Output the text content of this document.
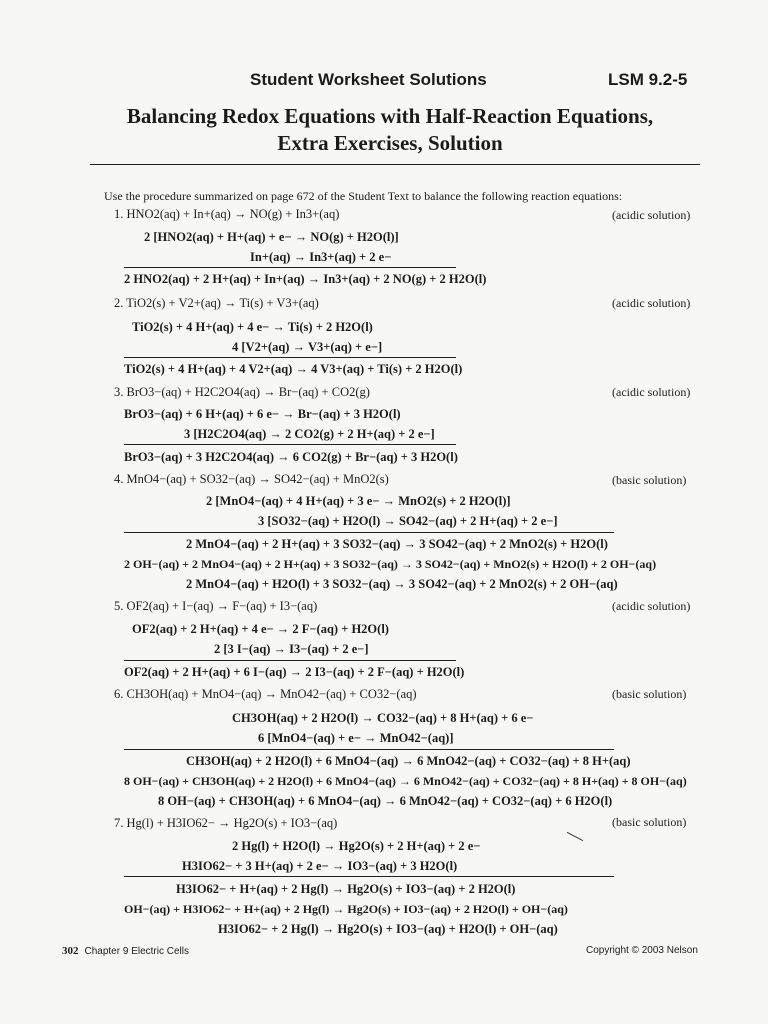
Student Worksheet Solutions	LSM 9.2-5
Balancing Redox Equations with Half-Reaction Equations,
Extra Exercises, Solution
Use the procedure summarized on page 672 of the Student Text to balance the following reaction equations:
1. HNO2(aq) + In+(aq) → NO(g) + In3+(aq)	(acidic solution)
2 [HNO2(aq) + H+(aq) + e− → NO(g) + H2O(l)]
In+(aq) → In3+(aq) + 2 e−
2 HNO2(aq) + 2 H+(aq) + In+(aq) → In3+(aq) + 2 NO(g) + 2 H2O(l)
2. TiO2(s) + V2+(aq) → Ti(s) + V3+(aq)	(acidic solution)
TiO2(s) + 4 H+(aq) + 4 e− → Ti(s) + 2 H2O(l)
4 [V2+(aq) → V3+(aq) + e−]
TiO2(s) + 4 H+(aq) + 4 V2+(aq) → 4 V3+(aq) + Ti(s) + 2 H2O(l)
3. BrO3−(aq) + H2C2O4(aq) → Br−(aq) + CO2(g)	(acidic solution)
BrO3−(aq) + 6 H+(aq) + 6 e− → Br−(aq) + 3 H2O(l)
3 [H2C2O4(aq) → 2 CO2(g) + 2 H+(aq) + 2 e−]
BrO3−(aq) + 3 H2C2O4(aq) → 6 CO2(g) + Br−(aq) + 3 H2O(l)
4. MnO4−(aq) + SO32−(aq) → SO42−(aq) + MnO2(s)	(basic solution)
2 [MnO4−(aq) + 4 H+(aq) + 3 e− → MnO2(s) + 2 H2O(l)]
3 [SO32−(aq) + H2O(l) → SO42−(aq) + 2 H+(aq) + 2 e−]
2 MnO4−(aq) + 2 H+(aq) + 3 SO32−(aq) → 3 SO42−(aq) + 2 MnO2(s) + H2O(l)
2 OH−(aq) + 2 MnO4−(aq) + 2 H+(aq) + 3 SO32−(aq) → 3 SO42−(aq) + MnO2(s) + H2O(l) + 2 OH−(aq)
2 MnO4−(aq) + H2O(l) + 3 SO32−(aq) → 3 SO42−(aq) + 2 MnO2(s) + 2 OH−(aq)
5. OF2(aq) + I−(aq) → F−(aq) + I3−(aq)	(acidic solution)
OF2(aq) + 2 H+(aq) + 4 e− → 2 F−(aq) + H2O(l)
2 [3 I−(aq) → I3−(aq) + 2 e−]
OF2(aq) + 2 H+(aq) + 6 I−(aq) → 2 I3−(aq) + 2 F−(aq) + H2O(l)
6. CH3OH(aq) + MnO4−(aq) → MnO42−(aq) + CO32−(aq)	(basic solution)
CH3OH(aq) + 2 H2O(l) → CO32−(aq) + 8 H+(aq) + 6 e−
6 [MnO4−(aq) + e− → MnO42−(aq)]
CH3OH(aq) + 2 H2O(l) + 6 MnO4−(aq) → 6 MnO42−(aq) + CO32−(aq) + 8 H+(aq)
8 OH−(aq) + CH3OH(aq) + 2 H2O(l) + 6 MnO4−(aq) → 6 MnO42−(aq) + CO32−(aq) + 8 H+(aq) + 8 OH−(aq)
8 OH−(aq) + CH3OH(aq) + 6 MnO4−(aq) → 6 MnO42−(aq) + CO32−(aq) + 6 H2O(l)
7. Hg(l) + H3IO62− → Hg2O(s) + IO3−(aq)	(basic solution)
2 Hg(l) + H2O(l) → Hg2O(s) + 2 H+(aq) + 2 e−
H3IO62− + 3 H+(aq) + 2 e− → IO3−(aq) + 3 H2O(l)
H3IO62− + H+(aq) + 2 Hg(l) → Hg2O(s) + IO3−(aq) + 2 H2O(l)
OH−(aq) + H3IO62− + H+(aq) + 2 Hg(l) → Hg2O(s) + IO3−(aq) + 2 H2O(l) + OH−(aq)
H3IO62− + 2 Hg(l) → Hg2O(s) + IO3−(aq) + H2O(l) + OH−(aq)
302 Chapter 9 Electric Cells	Copyright © 2003 Nelson
